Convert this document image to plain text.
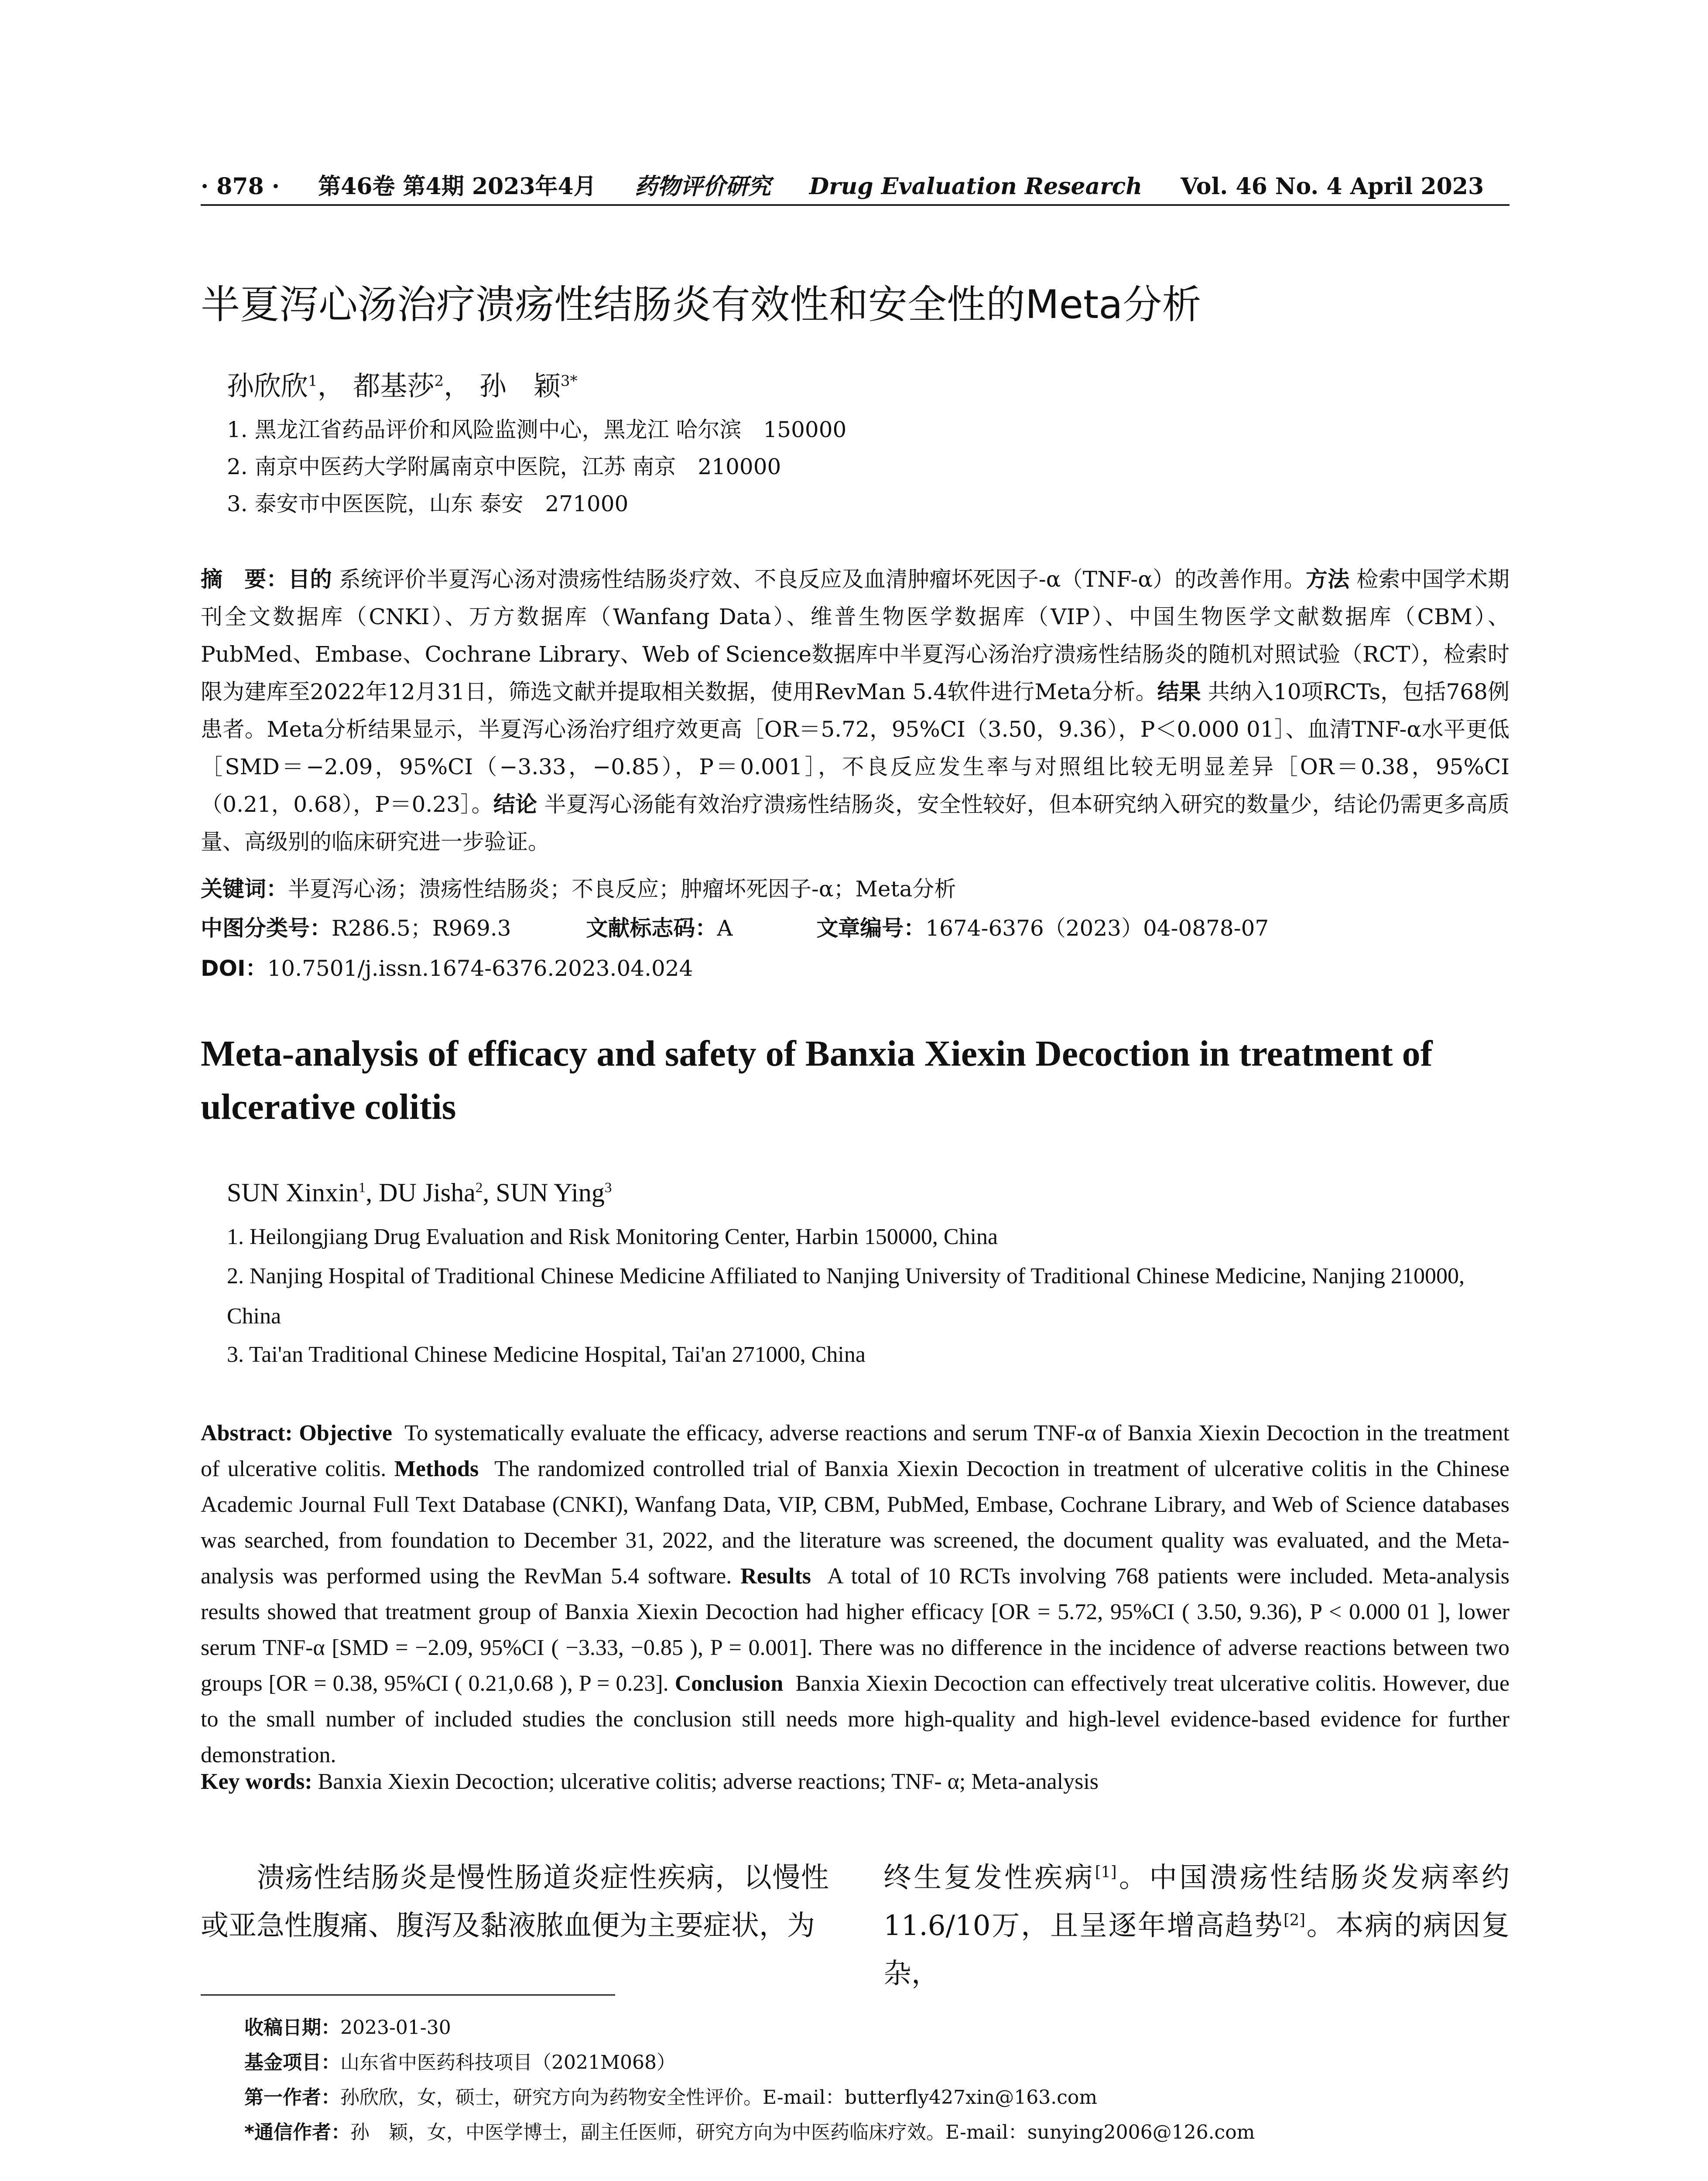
· 878 · 第46卷 第4期 2023年4月 药物评价研究 Drug Evaluation Research Vol. 46 No. 4 April 2023
半夏泻心汤治疗溃疡性结肠炎有效性和安全性的Meta分析
孙欣欣$^1$， 都基莎$^2$， 孙　颖$^{3*}$
1. 黑龙江省药品评价和风险监测中心，黑龙江 哈尔滨　150000
2. 南京中医药大学附属南京中医院，江苏 南京　210000
3. 泰安市中医医院，山东 泰安　271000
摘　要：目的 系统评价半夏泻心汤对溃疡性结肠炎疗效、不良反应及血清肿瘤坏死因子-α（TNF-α）的改善作用。方法 检索中国学术期刊全文数据库（CNKI）、万方数据库（Wanfang Data）、维普生物医学数据库（VIP）、中国生物医学文献数据库（CBM）、PubMed、Embase、Cochrane Library、Web of Science数据库中半夏泻心汤治疗溃疡性结肠炎的随机对照试验（RCT），检索时限为建库至2022年12月31日，筛选文献并提取相关数据，使用RevMan 5.4软件进行Meta分析。结果 共纳入10项RCTs，包括768例患者。Meta分析结果显示，半夏泻心汤治疗组疗效更高［OR＝5.72，95%CI（3.50，9.36），P＜0.000 01］、血清TNF-α水平更低［SMD＝−2.09，95%CI（−3.33，−0.85），P＝0.001］，不良反应发生率与对照组比较无明显差异［OR＝0.38，95%CI（0.21，0.68），P＝0.23］。结论 半夏泻心汤能有效治疗溃疡性结肠炎，安全性较好，但本研究纳入研究的数量少，结论仍需更多高质量、高级别的临床研究进一步验证。
关键词：半夏泻心汤；溃疡性结肠炎；不良反应；肿瘤坏死因子-α；Meta分析
中图分类号：R286.5；R969.3	文献标志码：A	文章编号：1674-6376（2023）04-0878-07
DOI：10.7501/j.issn.1674-6376.2023.04.024
Meta-analysis of efficacy and safety of Banxia Xiexin Decoction in treatment of ulcerative colitis
SUN Xinxin$^1$, DU Jisha$^2$, SUN Ying$^3$
1. Heilongjiang Drug Evaluation and Risk Monitoring Center, Harbin 150000, China
2. Nanjing Hospital of Traditional Chinese Medicine Affiliated to Nanjing University of Traditional Chinese Medicine, Nanjing 210000, China
3. Tai'an Traditional Chinese Medicine Hospital, Tai'an 271000, China
Abstract: Objective To systematically evaluate the efficacy, adverse reactions and serum TNF-α of Banxia Xiexin Decoction in the treatment of ulcerative colitis. Methods The randomized controlled trial of Banxia Xiexin Decoction in treatment of ulcerative colitis in the Chinese Academic Journal Full Text Database (CNKI), Wanfang Data, VIP, CBM, PubMed, Embase, Cochrane Library, and Web of Science databases was searched, from foundation to December 31, 2022, and the literature was screened, the document quality was evaluated, and the Meta-analysis was performed using the RevMan 5.4 software. Results A total of 10 RCTs involving 768 patients were included. Meta-analysis results showed that treatment group of Banxia Xiexin Decoction had higher efficacy [OR = 5.72, 95%CI ( 3.50, 9.36), P < 0.000 01 ], lower serum TNF-α [SMD = −2.09, 95%CI ( −3.33, −0.85 ), P = 0.001]. There was no difference in the incidence of adverse reactions between two groups [OR = 0.38, 95%CI ( 0.21,0.68 ), P = 0.23]. Conclusion Banxia Xiexin Decoction can effectively treat ulcerative colitis. However, due to the small number of included studies the conclusion still needs more high-quality and high-level evidence-based evidence for further demonstration.
Key words: Banxia Xiexin Decoction; ulcerative colitis; adverse reactions; TNF- α; Meta-analysis
溃疡性结肠炎是慢性肠道炎症性疾病，以慢性或亚急性腹痛、腹泻及黏液脓血便为主要症状，为
终生复发性疾病[1]。中国溃疡性结肠炎发病率约11.6/10万，且呈逐年增高趋势[2]。本病的病因复杂，
收稿日期：2023-01-30
基金项目：山东省中医药科技项目（2021M068）
第一作者：孙欣欣，女，硕士，研究方向为药物安全性评价。E-mail：butterfly427xin@163.com
*通信作者：孙　颖，女，中医学博士，副主任医师，研究方向为中医药临床疗效。E-mail：sunying2006@126.com
